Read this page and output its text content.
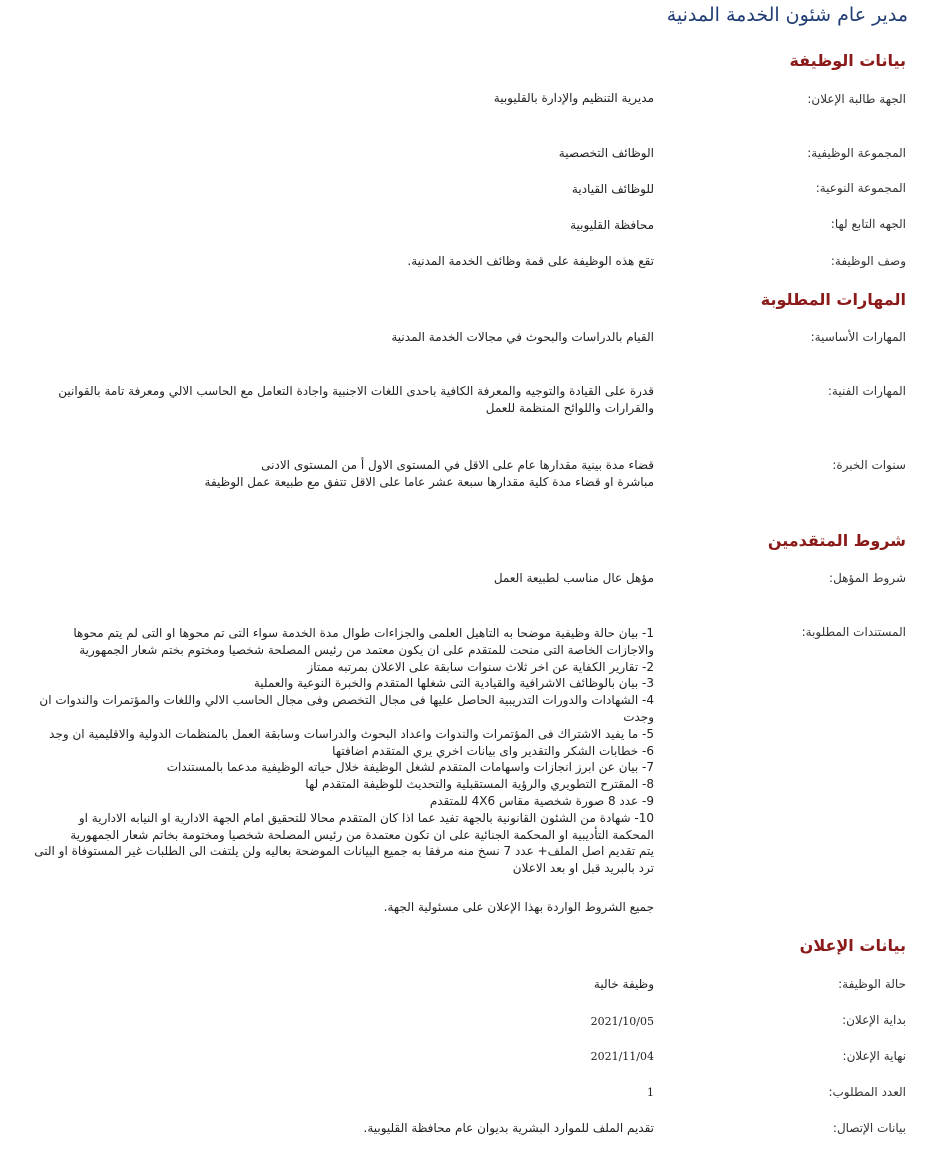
مدير عام شئون الخدمة المدنية
بيانات الوظيفة
الجهة طالبة الإعلان:
مديرية التنظيم والإدارة بالقليوبية
المجموعة الوظيفية:
الوظائف التخصصية
المجموعة النوعية:
للوظائف القيادية
الجهه التابع لها:
محافظة القليوبية
وصف الوظيفة:
تقع هذه الوظيفة على قمة وظائف الخدمة المدنية.
المهارات المطلوبة
المهارات الأساسية:
القيام بالدراسات والبحوث في مجالات الخدمة المدنية
المهارات الفنية:
قدرة على القيادة والتوجيه والمعرفة الكافية باحدى اللغات الاجنبية واجادة التعامل مع الحاسب الالي ومعرفة تامة بالقوانين والقرارات واللوائح المنظمة للعمل
سنوات الخبرة:
قضاء مدة بينية مقدارها عام على الاقل في المستوى الاول أ من المستوى الادنى
مباشرة او قضاء مدة كلية مقدارها سبعة عشر عاما على الاقل تتفق مع طبيعة عمل الوظيفة
شروط المتقدمين
شروط المؤهل:
مؤهل عال مناسب لطبيعة العمل
المستندات المطلوبة:
1- بيان حالة وظيفية موضحا به التاهيل العلمى والجزاءات طوال مدة الخدمة سواء التى تم محوها او التى لم يتم محوها
والاجازات الخاصة التى منحت للمتقدم على ان يكون معتمد من رئيس المصلحة شخصيا ومختوم بختم شعار الجمهورية
2- تقارير الكفاية عن اخر ثلاث سنوات سابقة على الاعلان بمرتبه ممتاز
3- بيان بالوظائف الاشرافية والقيادية التى شغلها المتقدم والخبرة النوعية والعملية
4- الشهادات والدورات التدريبية الحاصل عليها فى مجال التخصص وفى مجال الحاسب الالي واللغات والمؤتمرات والندوات ان
وجدت
5- ما يفيد الاشتراك فى المؤتمرات والندوات واعداد البحوث والدراسات وسابقة العمل بالمنظمات الدولية والاقليمية ان وجد
6- خطابات الشكر والتقدير واى بيانات اخري يري المتقدم اضافتها
7- بيان عن ابرز انجازات واسهامات المتقدم لشغل الوظيفة خلال حياته الوظيفية مدعما بالمستندات
8- المقترح التطويري والرؤية المستقبلية والتحديث للوظيفة المتقدم لها
9- عدد 8 صورة شخصية مقاس 4X6 للمتقدم
10- شهادة من الشئون القانونية بالجهة تفيد عما اذا كان المتقدم محالا للتحقيق امام الجهة الادارية او النيابه الادارية او
المحكمة التأديبية او المحكمة الجنائية على ان تكون معتمدة من رئيس المصلحة شخصيا ومختومة بخاتم شعار الجمهورية
يتم تقديم اصل الملف+ عدد 7 نسخ منه مرفقا به جميع البيانات الموضحة بعاليه ولن يلتفت الى الطلبات غير المستوفاة او التى
ترد بالبريد قبل او بعد الاعلان
جميع الشروط الواردة بهذا الإعلان على مسئولية الجهة.
بيانات الإعلان
حالة الوظيفة:
وظيفة خالية
بداية الإعلان:
2021/10/05
نهاية الإعلان:
2021/11/04
العدد المطلوب:
1
بيانات الإتصال:
تقديم الملف للموارد البشرية بديوان عام محافظة القليوبية.
